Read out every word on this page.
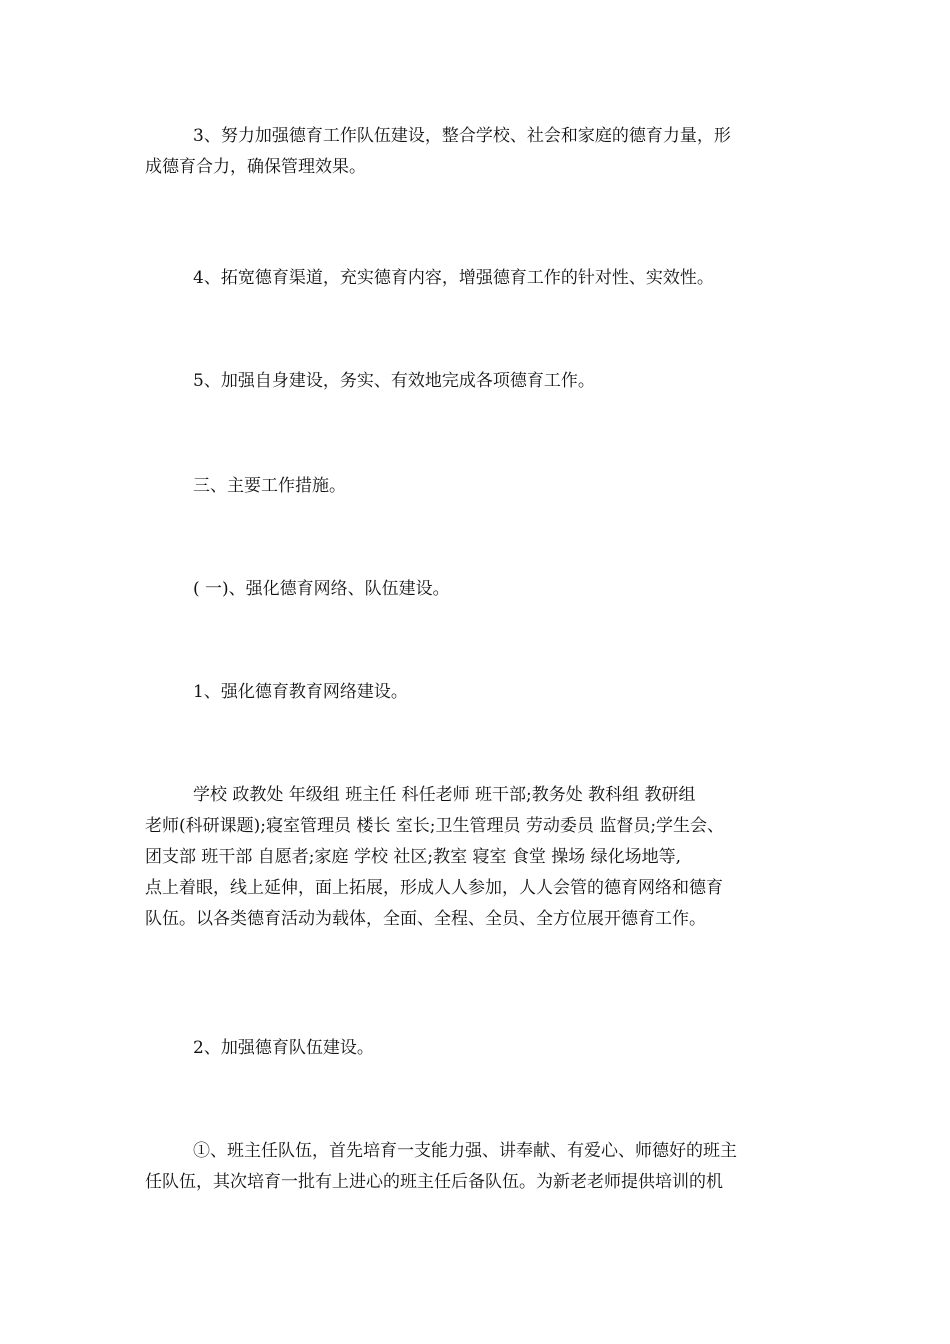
3、努力加强德育工作队伍建设，整合学校、社会和家庭的德育力量，形
成德育合力，确保管理效果。
4、拓宽德育渠道，充实德育内容，增强德育工作的针对性、实效性。
5、加强自身建设，务实、有效地完成各项德育工作。
三、主要工作措施。
( 一)、强化德育网络、队伍建设。
1、强化德育教育网络建设。
学校 政教处 年级组 班主任 科任老师 班干部;教务处 教科组 教研组
老师(科研课题);寝室管理员 楼长 室长;卫生管理员 劳动委员 监督员;学生会、
团支部 班干部 自愿者;家庭 学校 社区;教室 寝室 食堂 操场 绿化场地等,
点上着眼，线上延伸，面上拓展，形成人人参加，人人会管的德育网络和德育
队伍。以各类德育活动为载体，全面、全程、全员、全方位展开德育工作。
2、加强德育队伍建设。
①、班主任队伍，首先培育一支能力强、讲奉献、有爱心、师德好的班主
任队伍，其次培育一批有上进心的班主任后备队伍。为新老老师提供培训的机
